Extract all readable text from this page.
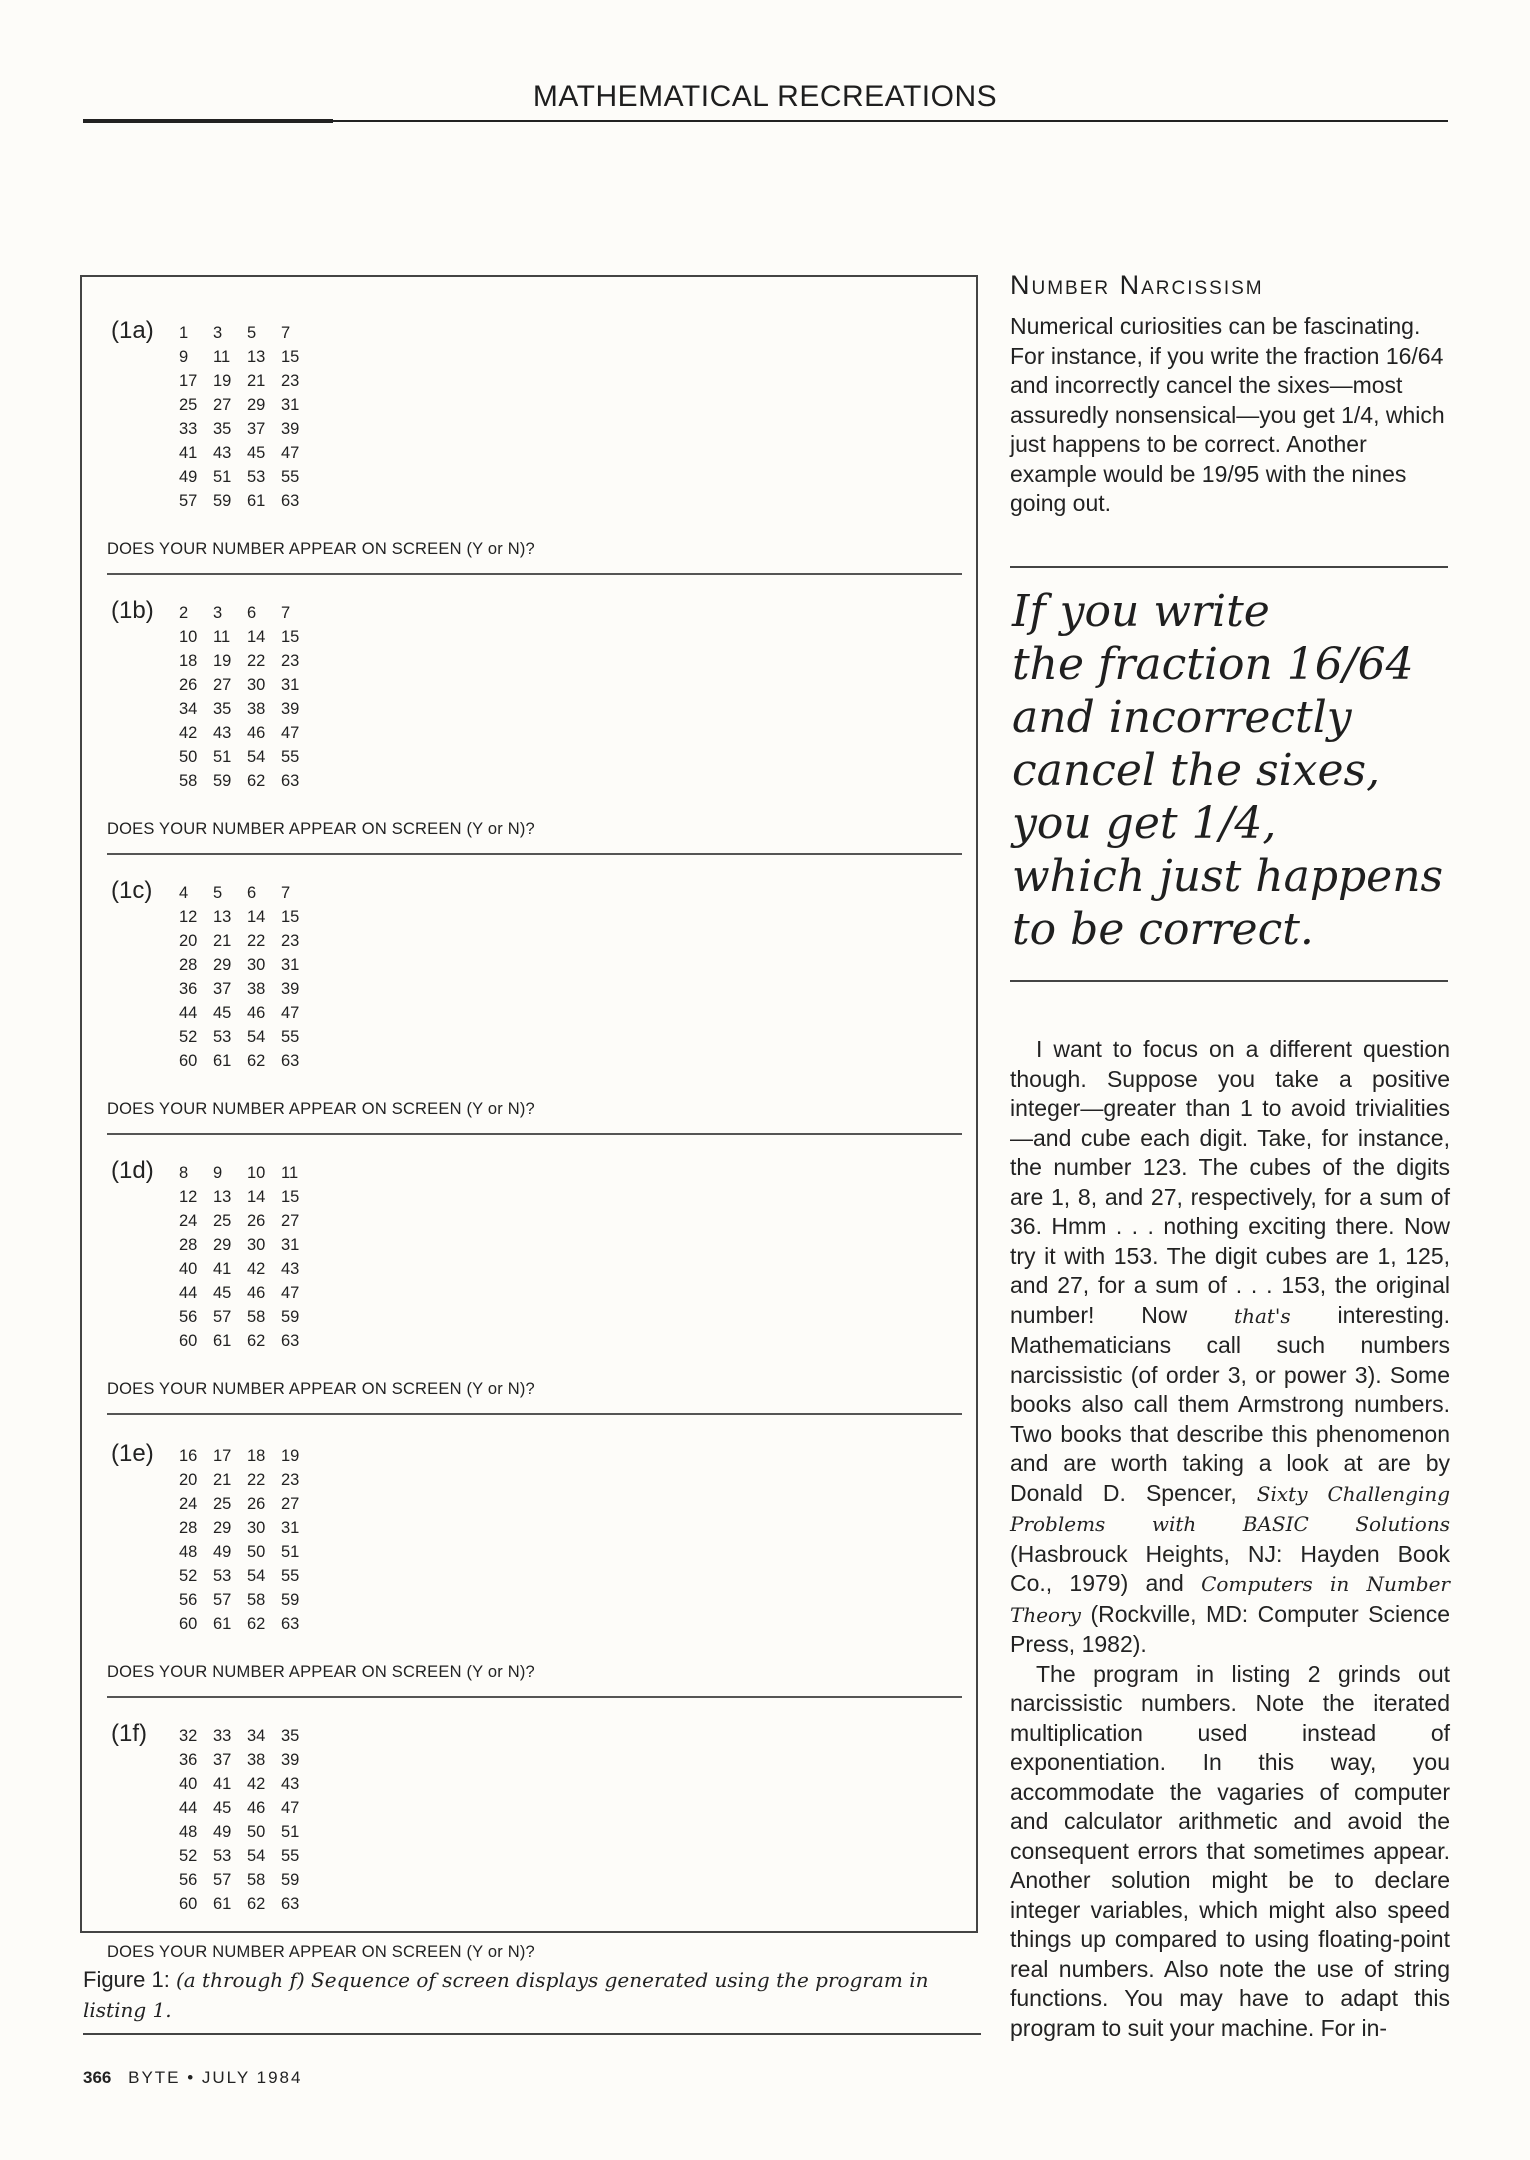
MATHEMATICAL RECREATIONS
(1a) 1	3	5	7
9	11	13 15
17 19 21 23
25 27 29 31
33 35 37 39
41 43 45 47
49 51 53 55
57 59 61 63
DOES YOUR NUMBER APPEAR ON SCREEN (Y or N)?
(1b) 2	3	6	7
10 11	14 15
18 19 22 23
26 27 30 31
34 35 38 39
42 43 46 47
50 51 54 55
58 59 62 63
DOES YOUR NUMBER APPEAR ON SCREEN (Y or N)?
(1c) 4	5	6	7
12 13 14 15
20 21 22 23
28 29 30 31
36 37 38 39
44 45 46 47
52 53 54 55
60 61 62 63
DOES YOUR NUMBER APPEAR ON SCREEN (Y or N)?
(1d) 8	9	10 11
12 13 14 15
24 25 26 27
28 29 30 31
40 41 42 43
44 45 46 47
56 57 58 59
60 61 62 63
DOES YOUR NUMBER APPEAR ON SCREEN (Y or N)?
(1e) 16 17 18 19
20 21 22 23
24 25 26 27
28 29 30 31
48 49 50 51
52 53 54 55
56 57 58 59
60 61 62 63
DOES YOUR NUMBER APPEAR ON SCREEN (Y or N)?
(1f) 32 33 34 35
36 37 38 39
40 41 42 43
44 45 46 47
48 49 50 51
52 53 54 55
56 57 58 59
60 61 62 63
DOES YOUR NUMBER APPEAR ON SCREEN (Y or N)?
Figure 1: (a through f) Sequence of screen displays generated using the program in listing 1.
366 BYTE • JULY 1984
Number Narcissism
Numerical curiosities can be fascinating. For instance, if you write the fraction 16/64 and incorrectly cancel the sixes—most assuredly nonsensical—you get 1/4, which just happens to be correct. Another example would be 19/95 with the nines going out.
If you write
the fraction 16/64
and incorrectly
cancel the sixes,
you get 1/4,
which just happens
to be correct.

I want to focus on a different question though. Suppose you take a positive integer—greater than 1 to avoid trivialities—and cube each digit. Take, for instance, the number 123. The cubes of the digits are 1, 8, and 27, respectively, for a sum of 36. Hmm . . . nothing exciting there. Now try it with 153. The digit cubes are 1, 125, and 27, for a sum of . . . 153, the original number! Now that's interesting. Mathematicians call such numbers narcissistic (of order 3, or power 3). Some books also call them Armstrong numbers. Two books that describe this phenomenon and are worth taking a look at are by Donald D. Spencer, Sixty Challenging Problems with BASIC Solutions (Hasbrouck Heights, NJ: Hayden Book Co., 1979) and Computers in Number Theory (Rockville, MD: Computer Science Press, 1982).

The program in listing 2 grinds out narcissistic numbers. Note the iterated multiplication used instead of exponentiation. In this way, you accommodate the vagaries of computer and calculator arithmetic and avoid the consequent errors that sometimes appear. Another solution might be to declare integer variables, which might also speed things up compared to using floating-point real numbers. Also note the use of string functions. You may have to adapt this program to suit your machine. For in-
